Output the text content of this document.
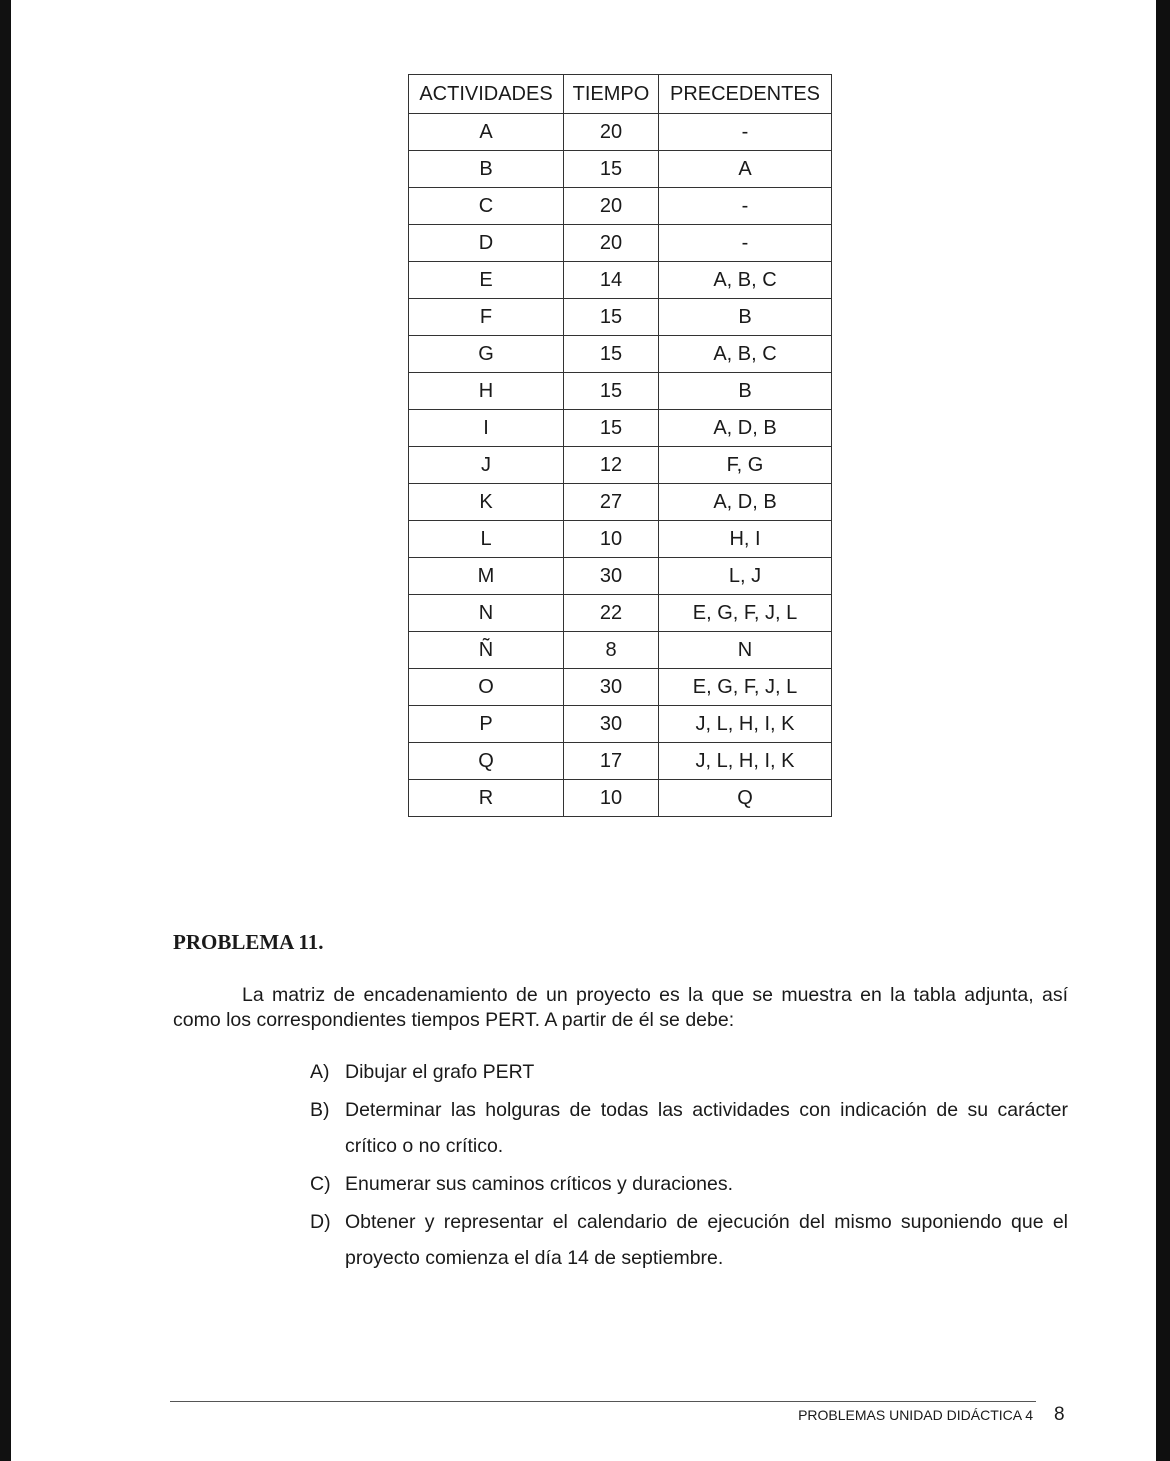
ACTIVIDADES	TIEMPO	PRECEDENTES
A	20	-
B	15	A
C	20	-
D	20	-
E	14	A, B, C
F	15	B
G	15	A, B, C
H	15	B
I	15	A, D, B
J	12	F, G
K	27	A, D, B
L	10	H, I
M	30	L, J
N	22	E, G, F, J, L
Ñ	8	N
O	30	E, G, F, J, L
P	30	J, L, H, I, K
Q	17	J, L, H, I, K
R	10	Q
PROBLEMA 11.
La matriz de encadenamiento de un proyecto es la que se muestra en la tabla adjunta, así como los correspondientes tiempos PERT. A partir de él se debe:
A) Dibujar el grafo PERT
B) Determinar las holguras de todas las actividades con indicación de su carácter crítico o no crítico.
C) Enumerar sus caminos críticos y duraciones.
D) Obtener y representar el calendario de ejecución del mismo suponiendo que el proyecto comienza el día 14 de septiembre.
PROBLEMAS UNIDAD DIDÁCTICA 4 8
